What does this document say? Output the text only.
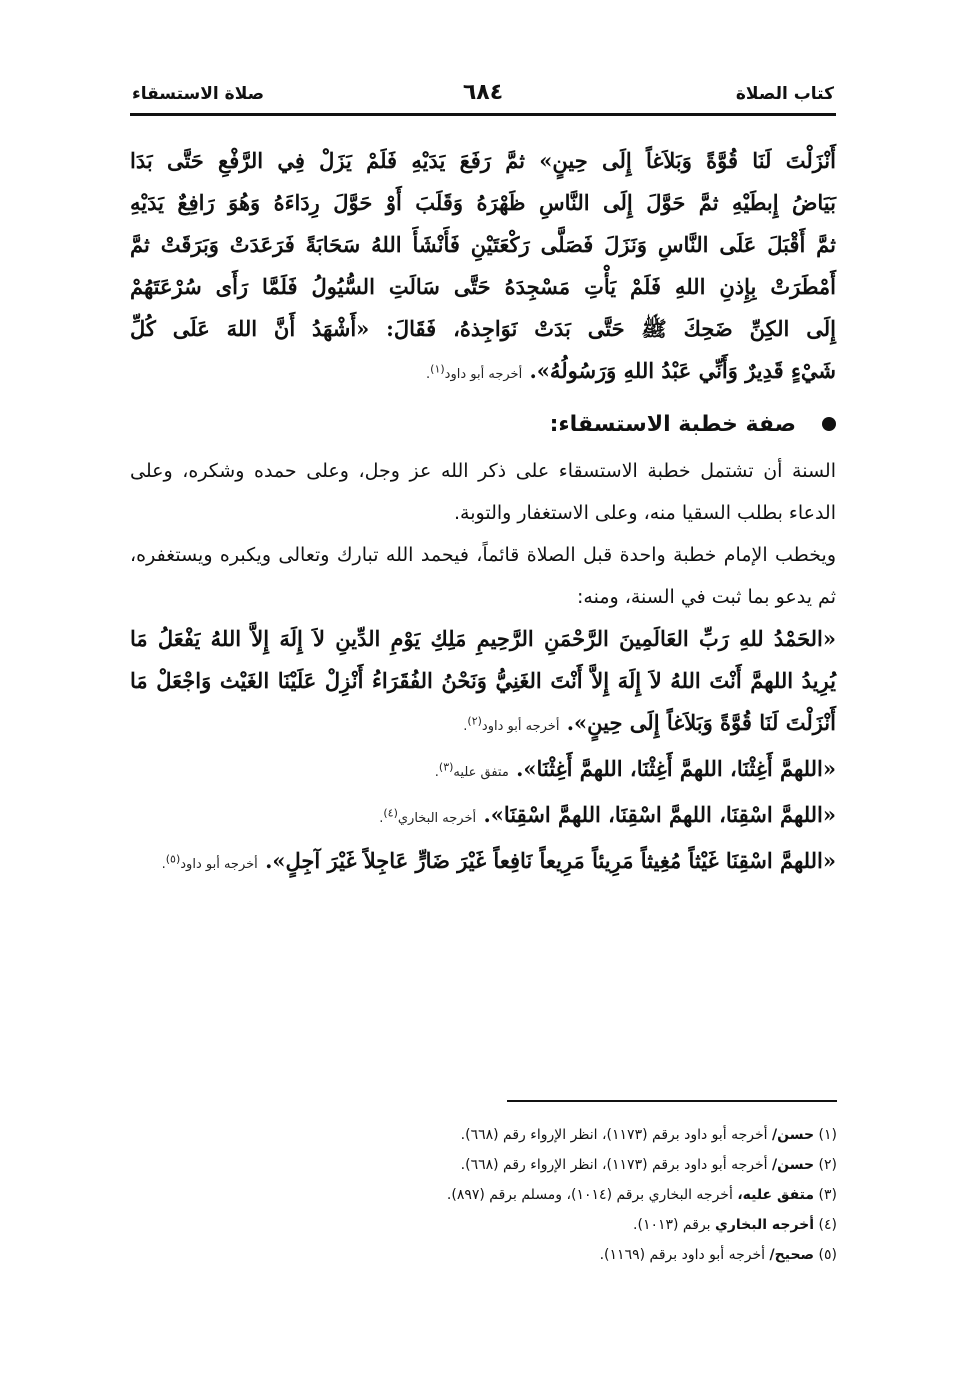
كتاب الصلاة
٦٨٤
صلاة الاستسقاء

أَنْزَلْتَ لَنَا قُوَّةً وَبَلاَغاً إِلَى حِينٍ» ثمَّ رَفَعَ يَدَيْهِ فَلَمْ يَزَلْ فِي الرَّفْعِ حَتَّى بَدَا

بَيَاضُ إِبطَيْهِ ثمَّ حَوَّلَ إِلَى النَّاسِ ظَهْرَهُ وَقَلَبَ أَوْ حَوَّلَ رِدَاءَهُ وَهُوَ رَافِعٌ يَدَيْهِ

ثمَّ أَقْبَلَ عَلَى النَّاسِ وَنَزَلَ فَصَلَّى رَكْعَتَيْنِ فَأَنْشَأَ اللهُ سَحَابَةً فَرَعَدَتْ وَبَرَقَتْ ثمَّ

أَمْطَرَتْ بِإِذنِ اللهِ فَلَمْ يَأْتِ مَسْجِدَهُ حَتَّى سَالَتِ السُّيُولُ فَلَمَّا رَأَى سُرْعَتَهُمْ

إِلَى الكِنِّ ضَحِكَ ﷺ حَتَّى بَدَتْ نَوَاجِذهُ، فَقَالَ: «أَشْهَدُ أَنَّ اللهَ عَلَى كُلِّ

شَيْءٍ قَدِيرٌ وَأَنِّي عَبْدُ اللهِ وَرَسُولُهُ». أخرجه أبو داود$^{(١)}$.

صفة خطبة الاستسقاء:

السنة أن تشتمل خطبة الاستسقاء على ذكر الله عز وجل، وعلى حمده وشكره، وعلى الدعاء بطلب السقيا منه، وعلى الاستغفار والتوبة.

ويخطب الإمام خطبة واحدة قبل الصلاة قائماً، فيحمد الله تبارك وتعالى ويكبره ويستغفره، ثم يدعو بما ثبت في السنة، ومنه:

«الحَمْدُ للهِ رَبِّ العَالَمِينَ الرَّحْمَنِ الرَّحِيمِ مَلِكِ يَوْمِ الدِّينِ لاَ إِلَهَ إِلاَّ اللهُ يَفْعَلُ مَا يُرِيدُ اللهمَّ أَنْتَ اللهُ لاَ إِلَهَ إِلاَّ أَنْتَ الغَنِيُّ وَنَحْنُ الفُقَرَاءُ أَنْزِلْ عَلَيْنَا الغَيْث وَاجْعَلْ مَا أَنْزَلْتَ لَنَا قُوَّةً وَبَلاَغاً إِلَى حِينٍ». أخرجه أبو داود$^{(٢)}$.

«اللهمَّ أَغِثْنَا، اللهمَّ أَغِثْنَا، اللهمَّ أَغِثْنَا». متفق عليه$^{(٣)}$.

«اللهمَّ اسْقِنَا، اللهمَّ اسْقِنَا، اللهمَّ اسْقِنَا». أخرجه البخاري$^{(٤)}$.

«اللهمَّ اسْقِنَا غَيْثاً مُغِيثاً مَرِيئاً مَرِيعاً نَافِعاً غَيْرَ ضَارٍّ عَاجِلاً غَيْرَ آجِلٍ». أخرجه أبو داود$^{(٥)}$.

(١) حسن/ أخرجه أبو داود برقم (١١٧٣)، انظر الإرواء رقم (٦٦٨).
(٢) حسن/ أخرجه أبو داود برقم (١١٧٣)، انظر الإرواء رقم (٦٦٨).
(٣) متفق عليه، أخرجه البخاري برقم (١٠١٤)، ومسلم برقم (٨٩٧).
(٤) أخرجه البخاري برقم (١٠١٣).
(٥) صحيح/ أخرجه أبو داود برقم (١١٦٩).
